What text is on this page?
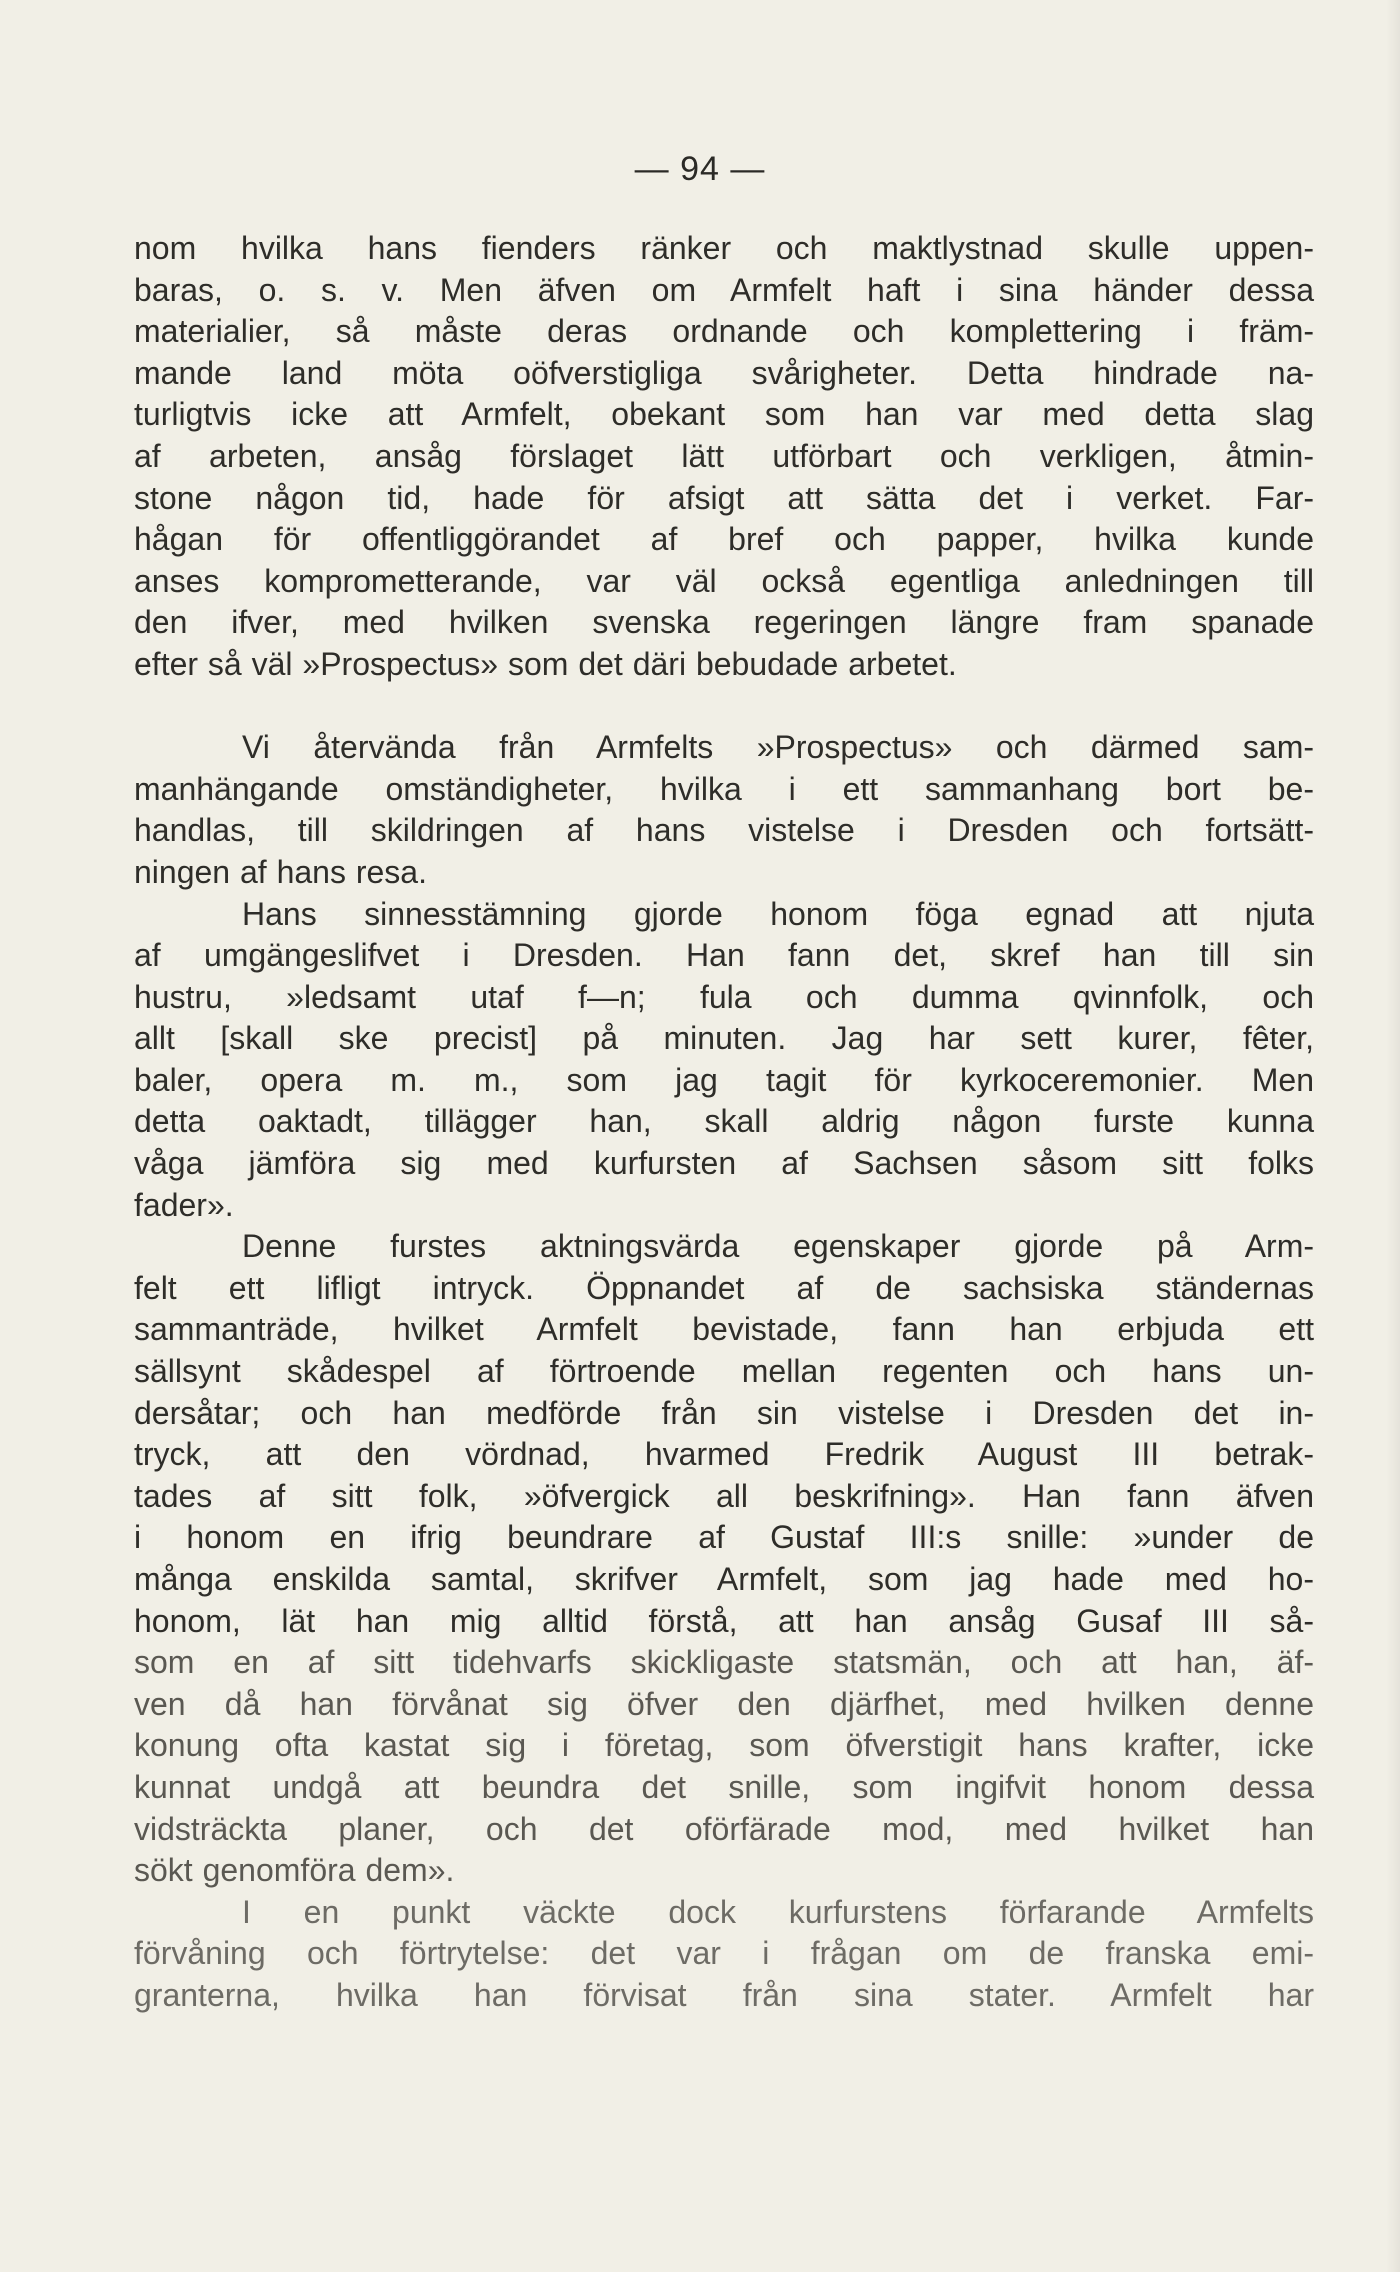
— 94 —
nom hvilka hans fienders ränker och maktlystnad skulle uppen-
baras, o. s. v. Men äfven om Armfelt haft i sina händer dessa
materialier, så måste deras ordnande och komplettering i främ-
mande land möta oöfverstigliga svårigheter. Detta hindrade na-
turligtvis icke att Armfelt, obekant som han var med detta slag
af arbeten, ansåg förslaget lätt utförbart och verkligen, åtmin-
stone någon tid, hade för afsigt att sätta det i verket. Far-
hågan för offentliggörandet af bref och papper, hvilka kunde
anses komprometterande, var väl också egentliga anledningen till
den ifver, med hvilken svenska regeringen längre fram spanade
efter så väl »Prospectus» som det däri bebudade arbetet.
Vi återvända från Armfelts »Prospectus» och därmed sam-
manhängande omständigheter, hvilka i ett sammanhang bort be-
handlas, till skildringen af hans vistelse i Dresden och fortsätt-
ningen af hans resa.
Hans sinnesstämning gjorde honom föga egnad att njuta
af umgängeslifvet i Dresden. Han fann det, skref han till sin
hustru, »ledsamt utaf f—n; fula och dumma qvinnfolk, och
allt [skall ske precist] på minuten. Jag har sett kurer, fêter,
baler, opera m. m., som jag tagit för kyrkoceremonier. Men
detta oaktadt, tillägger han, skall aldrig någon furste kunna
våga jämföra sig med kurfursten af Sachsen såsom sitt folks
fader».
Denne furstes aktningsvärda egenskaper gjorde på Arm-
felt ett lifligt intryck. Öppnandet af de sachsiska ständernas
sammanträde, hvilket Armfelt bevistade, fann han erbjuda ett
sällsynt skådespel af förtroende mellan regenten och hans un-
dersåtar; och han medförde från sin vistelse i Dresden det in-
tryck, att den vördnad, hvarmed Fredrik August III betrak-
tades af sitt folk, »öfvergick all beskrifning». Han fann äfven
i honom en ifrig beundrare af Gustaf III:s snille: »under de
många enskilda samtal, skrifver Armfelt, som jag hade med ho-
honom, lät han mig alltid förstå, att han ansåg Gusaf III så-
som en af sitt tidehvarfs skickligaste statsmän, och att han, äf-
ven då han förvånat sig öfver den djärfhet, med hvilken denne
konung ofta kastat sig i företag, som öfverstigit hans krafter, icke
kunnat undgå att beundra det snille, som ingifvit honom dessa
vidsträckta planer, och det oförfärade mod, med hvilket han
sökt genomföra dem».
I en punkt väckte dock kurfurstens förfarande Armfelts
förvåning och förtrytelse: det var i frågan om de franska emi-
granterna, hvilka han förvisat från sina stater. Armfelt har
